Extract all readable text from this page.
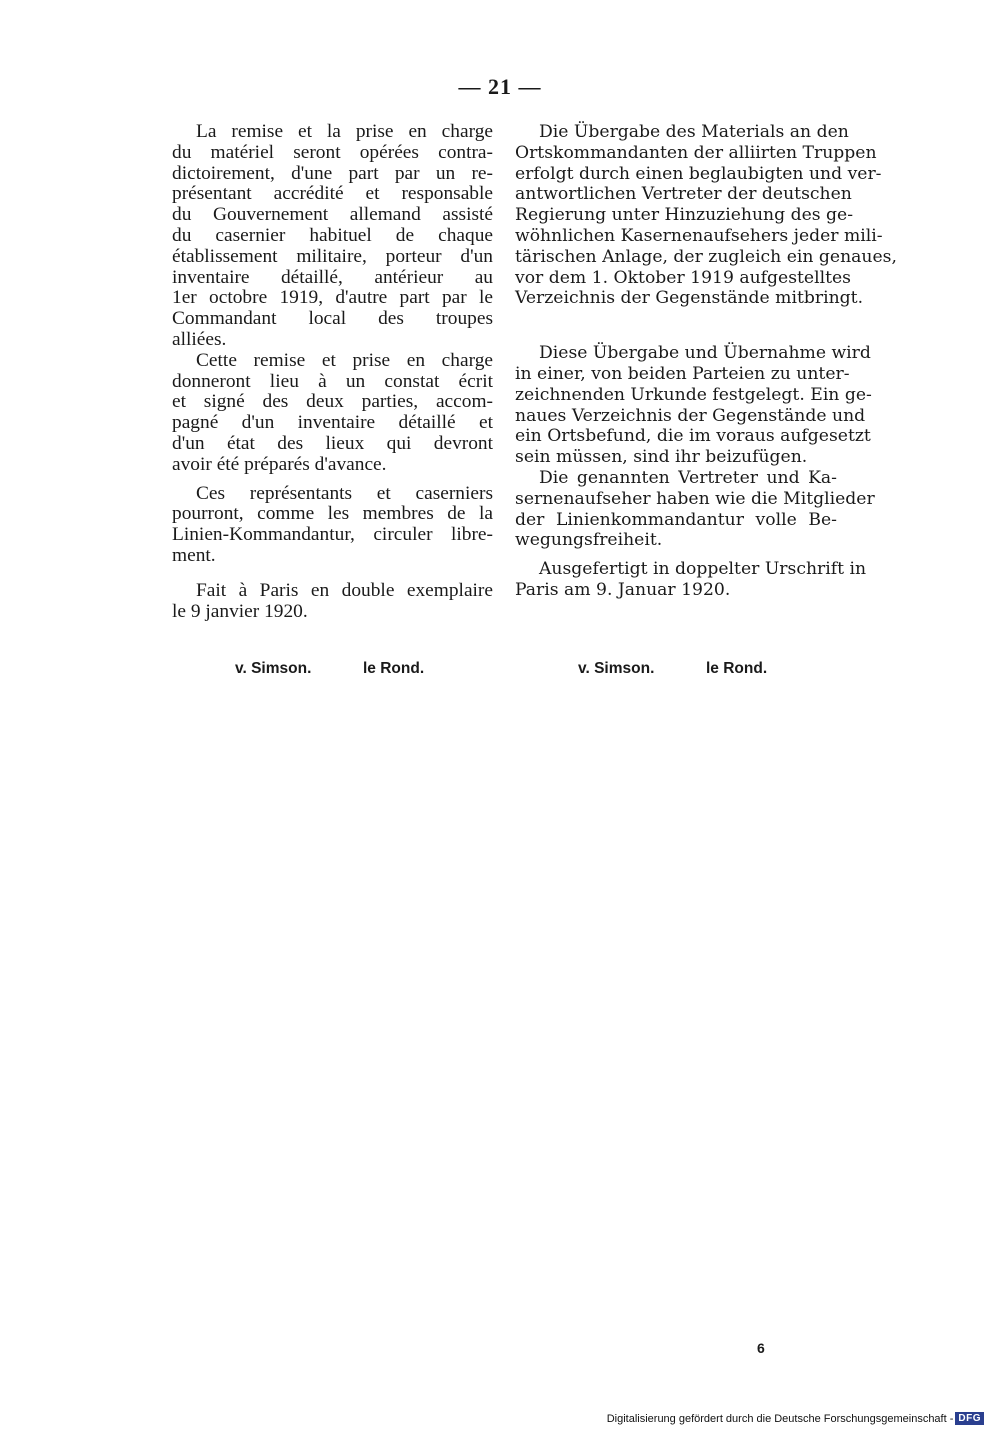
— 21 —
La remise et la prise en charge
du matériel seront opérées contra-
dictoirement, d'une part par un re-
présentant accrédité et responsable
du Gouvernement allemand assisté
du casernier habituel de chaque
établissement militaire, porteur d'un
inventaire détaillé, antérieur au
1er octobre 1919, d'autre part par le
Commandant local des troupes
alliées.
Cette remise et prise en charge
donneront lieu à un constat écrit
et signé des deux parties, accom-
pagné d'un inventaire détaillé et
d'un état des lieux qui devront
avoir été préparés d'avance.
Ces représentants et caserniers
pourront, comme les membres de la
Linien-Kommandantur, circuler libre-
ment.
Fait à Paris en double exemplaire
le 9 janvier 1920.
Die Übergabe des Materials an den
Ortskommandanten der alliirten Truppen
erfolgt durch einen beglaubigten und ver-
antwortlichen Vertreter der deutschen
Regierung unter Hinzuziehung des ge-
wöhnlichen Kasernenaufsehers jeder mili-
tärischen Anlage, der zugleich ein genaues,
vor dem 1. Oktober 1919 aufgestelltes
Verzeichnis der Gegenstände mitbringt.
Diese Übergabe und Übernahme wird
in einer, von beiden Parteien zu unter-
zeichnenden Urkunde festgelegt. Ein ge-
naues Verzeichnis der Gegenstände und
ein Ortsbefund, die im voraus aufgesetzt
sein müssen, sind ihr beizufügen.
Die genannten Vertreter und Ka-
sernenaufseher haben wie die Mitglieder
der Linienkommandantur volle Be-
wegungsfreiheit.
Ausgefertigt in doppelter Urschrift in
Paris am 9. Januar 1920.
v. Simson.	le Rond.	v. Simson.	le Rond.
6
Digitalisierung gefördert durch die Deutsche Forschungsgemeinschaft - DFG
